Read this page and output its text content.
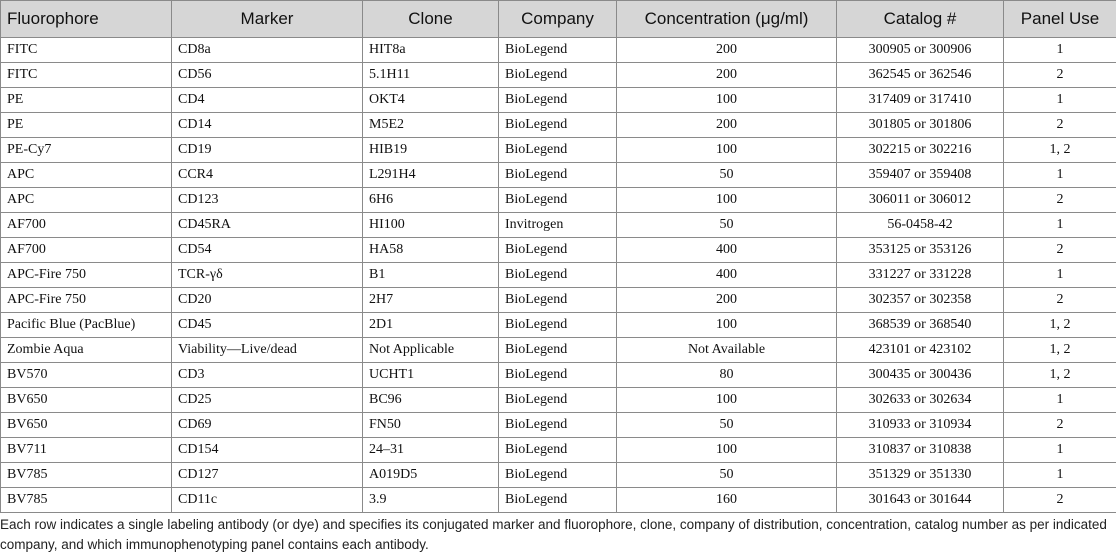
Fluorophore	Marker	Clone	Company	Concentration (μg/ml)	Catalog #	Panel Use
FITC	CD8a	HIT8a	BioLegend	200	300905 or 300906	1
FITC	CD56	5.1H11	BioLegend	200	362545 or 362546	2
PE	CD4	OKT4	BioLegend	100	317409 or 317410	1
PE	CD14	M5E2	BioLegend	200	301805 or 301806	2
PE-Cy7	CD19	HIB19	BioLegend	100	302215 or 302216	1, 2
APC	CCR4	L291H4	BioLegend	50	359407 or 359408	1
APC	CD123	6H6	BioLegend	100	306011 or 306012	2
AF700	CD45RA	HI100	Invitrogen	50	56-0458-42	1
AF700	CD54	HA58	BioLegend	400	353125 or 353126	2
APC-Fire 750	TCR-γδ	B1	BioLegend	400	331227 or 331228	1
APC-Fire 750	CD20	2H7	BioLegend	200	302357 or 302358	2
Pacific Blue (PacBlue)	CD45	2D1	BioLegend	100	368539 or 368540	1, 2
Zombie Aqua	Viability—Live/dead	Not Applicable	BioLegend	Not Available	423101 or 423102	1, 2
BV570	CD3	UCHT1	BioLegend	80	300435 or 300436	1, 2
BV650	CD25	BC96	BioLegend	100	302633 or 302634	1
BV650	CD69	FN50	BioLegend	50	310933 or 310934	2
BV711	CD154	24–31	BioLegend	100	310837 or 310838	1
BV785	CD127	A019D5	BioLegend	50	351329 or 351330	1
BV785	CD11c	3.9	BioLegend	160	301643 or 301644	2
Each row indicates a single labeling antibody (or dye) and specifies its conjugated marker and fluorophore, clone, company of distribution, concentration, catalog number as per indicated company, and which immunophenotyping panel contains each antibody.
